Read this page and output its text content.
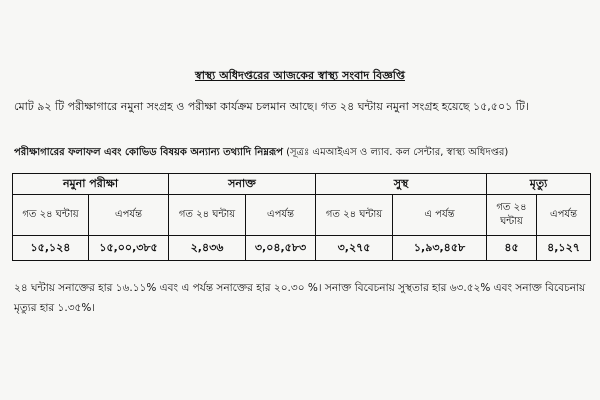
স্বাস্থ্য অধিদপ্তরের আজকের স্বাস্থ্য সংবাদ বিজ্ঞপ্তি
মোট ৯২ টি পরীক্ষাগারে নমুনা সংগ্রহ ও পরীক্ষা কার্যক্রম চলমান আছে। গত ২৪ ঘন্টায় নমুনা সংগ্রহ হয়েছে ১৫,৫০১ টি।
পরীক্ষাগারের ফলাফল এবং কোভিড বিষয়ক অন্যান্য তথ্যাদি নিম্নরূপ (সূত্রঃ এমআইএস ও ল্যাব. কল সেন্টার, স্বাস্থ্য অধিদপ্তর)
নমুনা পরীক্ষা		সনাক্ত		সুস্থ		মৃত্যু	
গত ২৪ ঘন্টায়	এপর্যন্ত	গত ২৪ ঘন্টায়	এপর্যন্ত	গত ২৪ ঘন্টায়	এ পর্যন্ত	গত ২৪ ঘন্টায়	এপর্যন্ত
১৫,১২৪	১৫,০০,৩৮৫	২,৪৩৬	৩,০৪,৫৮৩	৩,২৭৫	১,৯৩,৪৫৮	৪৫	৪,১২৭
২৪ ঘন্টায় সনাক্তের হার ১৬.১১% এবং এ পর্যন্ত সনাক্তের হার ২০.৩০ %। সনাক্ত বিবেচনায় সুস্থতার হার ৬৩.৫২% এবং সনাক্ত বিবেচনায় মৃত্যুর হার ১.৩৫%।
